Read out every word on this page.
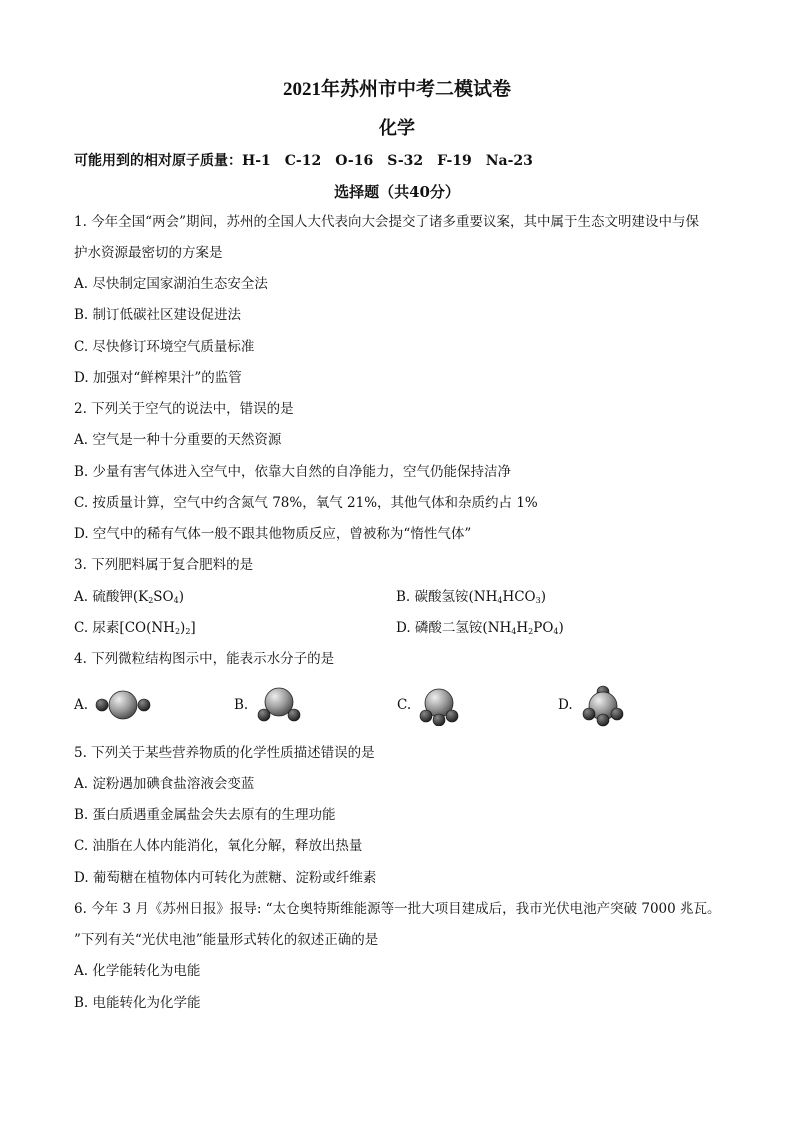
2021年苏州市中考二模试卷
化学
可能用到的相对原子质量：H-1　C-12　O-16　S-32　F-19　Na-23
选择题（共40分）
1. 今年全国“两会”期间，苏州的全国人大代表向大会提交了诸多重要议案，其中属于生态文明建设中与保
护水资源最密切的方案是
A. 尽快制定国家湖泊生态安全法
B. 制订低碳社区建设促进法
C. 尽快修订环境空气质量标准
D. 加强对“鲜榨果汁”的监管
2. 下列关于空气的说法中，错误的是
A. 空气是一种十分重要的天然资源
B. 少量有害气体进入空气中，依靠大自然的自净能力，空气仍能保持洁净
C. 按质量计算，空气中约含氮气 78%，氧气 21%，其他气体和杂质约占 1%
D. 空气中的稀有气体一般不跟其他物质反应，曾被称为“惰性气体”
3. 下列肥料属于复合肥料的是
A. 硫酸钾$(K_2SO_4)$	B. 碳酸氢铵$(NH_4HCO_3)$
C. 尿素$[CO(NH_2)_2]$	D. 磷酸二氢铵$(NH_4H_2PO_4)$
4. 下列微粒结构图示中，能表示水分子的是
A.	B.	C.	D.
5. 下列关于某些营养物质的化学性质描述错误的是
A. 淀粉遇加碘食盐溶液会变蓝
B. 蛋白质遇重金属盐会失去原有的生理功能
C. 油脂在人体内能消化，氧化分解，释放出热量
D. 葡萄糖在植物体内可转化为蔗糖、淀粉或纤维素
6. 今年 3 月《苏州日报》报导: “太仓奥特斯维能源等一批大项目建成后，我市光伏电池产突破 7000 兆瓦。
”下列有关“光伏电池”能量形式转化的叙述正确的是
A. 化学能转化为电能
B. 电能转化为化学能
